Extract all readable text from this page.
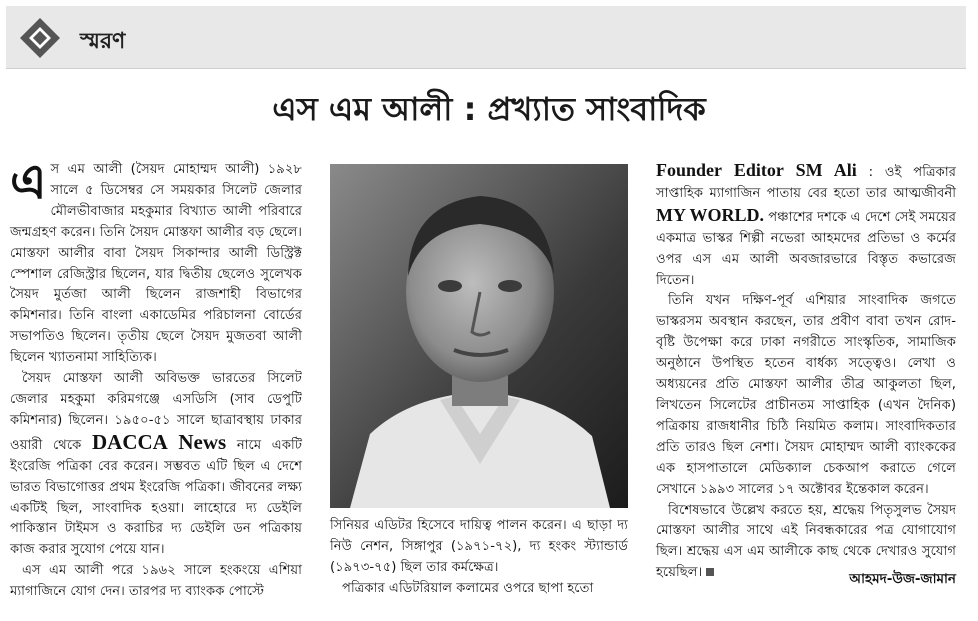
স্মরণ
এস এম আলী : প্রখ্যাত সাংবাদিক

এস এম আলী (সৈয়দ মোহাম্মদ আলী) ১৯২৮ সালে ৫ ডিসেম্বর সে সময়কার সিলেট জেলার মৌলভীবাজার মহকুমার বিখ্যাত আলী পরিবারে জন্মগ্রহণ করেন। তিনি সৈয়দ মোস্তফা আলীর বড় ছেলে। মোস্তফা আলীর বাবা সৈয়দ সিকান্দার আলী ডিস্ট্রিক্ট স্পেশাল রেজিস্ট্রার ছিলেন, যার দ্বিতীয় ছেলেও সুলেখক সৈয়দ মুর্তজা আলী ছিলেন রাজশাহী বিভাগের কমিশনার। তিনি বাংলা একাডেমির পরিচালনা বোর্ডের সভাপতিও ছিলেন। তৃতীয় ছেলে সৈয়দ মুজতবা আলী ছিলেন খ্যাতনামা সাহিত্যিক।

সৈয়দ মোস্তফা আলী অবিভক্ত ভারতের সিলেট জেলার মহকুমা করিমগঞ্জে এসডিসি (সাব ডেপুটি কমিশনার) ছিলেন। ১৯৫০-৫১ সালে ছাত্রাবস্থায় ঢাকার ওয়ারী থেকে DACCA News নামে একটি ইংরেজি পত্রিকা বের করেন। সম্ভবত এটি ছিল এ দেশে ভারত বিভাগোত্তর প্রথম ইংরেজি পত্রিকা। জীবনের লক্ষ্য একটিই ছিল, সাংবাদিক হওয়া। লাহোরে দ্য ডেইলি পাকিস্তান টাইমস ও করাচির দ্য ডেইলি ডন পত্রিকায় কাজ করার সুযোগ পেয়ে যান।

এস এম আলী পরে ১৯৬২ সালে হংকংয়ে এশিয়া ম্যাগাজিনে যোগ দেন। তারপর দ্য ব্যাংকক পোস্টে

সিনিয়র এডিটর হিসেবে দায়িত্ব পালন করেন। এ ছাড়া দ্য নিউ নেশন, সিঙ্গাপুর (১৯৭১-৭২), দ্য হংকং স্ট্যান্ডার্ড (১৯৭৩-৭৫) ছিল তার কর্মক্ষেত্র।

পত্রিকার এডিটরিয়াল কলামের ওপরে ছাপা হতো

Founder Editor SM Ali : ওই পত্রিকার সাপ্তাহিক ম্যাগাজিন পাতায় বের হতো তার আত্মজীবনী MY WORLD. পঞ্চাশের দশকে এ দেশে সেই সময়ের একমাত্র ভাস্কর শিল্পী নভেরা আহমদের প্রতিভা ও কর্মের ওপর এস এম আলী অবজারভারে বিস্তৃত কভারেজ দিতেন।

তিনি যখন দক্ষিণ-পূর্ব এশিয়ার সাংবাদিক জগতে ভাস্করসম অবস্থান করছেন, তার প্রবীণ বাবা তখন রোদ-বৃষ্টি উপেক্ষা করে ঢাকা নগরীতে সাংস্কৃতিক, সামাজিক অনুষ্ঠানে উপস্থিত হতেন বার্ধক্য সত্ত্বেও। লেখা ও অধ্যয়নের প্রতি মোস্তফা আলীর তীব্র আকুলতা ছিল, লিখতেন সিলেটের প্রাচীনতম সাপ্তাহিক (এখন দৈনিক) পত্রিকায় রাজধানীর চিঠি নিয়মিত কলাম। সাংবাদিকতার প্রতি তারও ছিল নেশা। সৈয়দ মোহাম্মদ আলী ব্যাংককের এক হাসপাতালে মেডিক্যাল চেকআপ করাতে গেলে সেখানে ১৯৯৩ সালের ১৭ অক্টোবর ইন্তেকাল করেন।

বিশেষভাবে উল্লেখ করতে হয়, শ্রদ্ধেয় পিতৃসুলভ সৈয়দ মোস্তফা আলীর সাথে এই নিবন্ধকারের পত্র যোগাযোগ ছিল। শ্রদ্ধেয় এস এম আলীকে কাছ থেকে দেখারও সুযোগ হয়েছিল।	আহমদ-উজ-জামান
